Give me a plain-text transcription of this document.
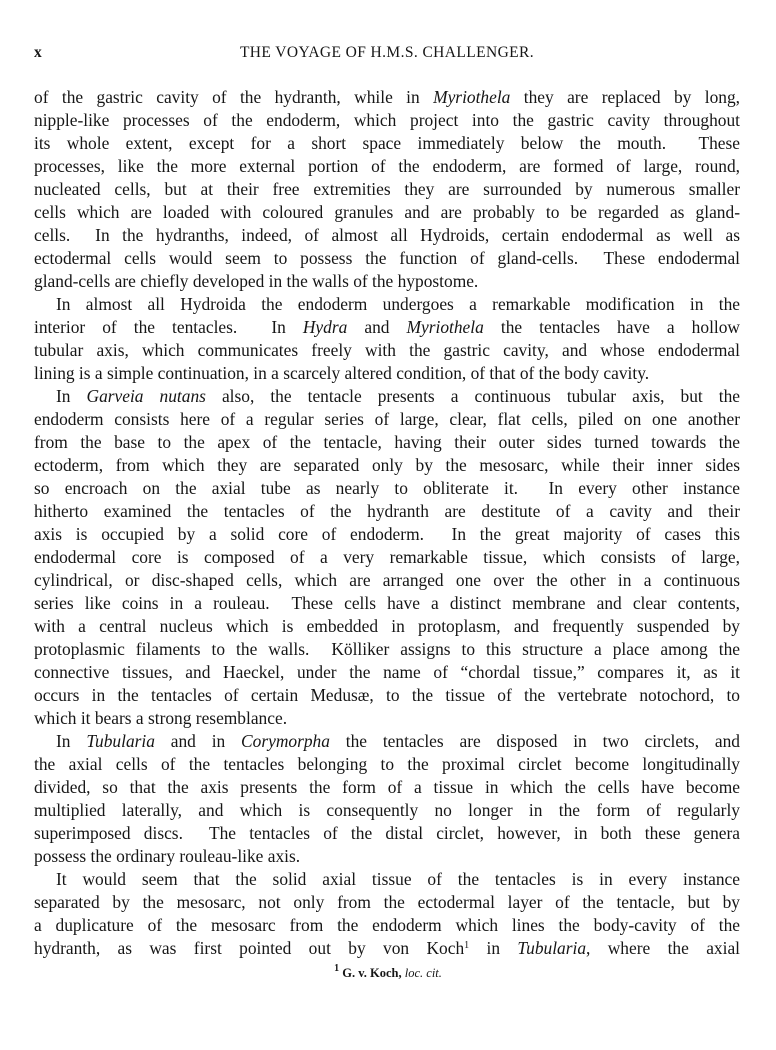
x	THE VOYAGE OF H.M.S. CHALLENGER.
of the gastric cavity of the hydranth, while in Myriothela they are replaced by long,
nipple-like processes of the endoderm, which project into the gastric cavity throughout
its whole extent, except for a short space immediately below the mouth.  These
processes, like the more external portion of the endoderm, are formed of large, round,
nucleated cells, but at their free extremities they are surrounded by numerous smaller
cells which are loaded with coloured granules and are probably to be regarded as gland-
cells.  In the hydranths, indeed, of almost all Hydroids, certain endodermal as well as
ectodermal cells would seem to possess the function of gland-cells.  These endodermal
gland-cells are chiefly developed in the walls of the hypostome.
In almost all Hydroida the endoderm undergoes a remarkable modification in the
interior of the tentacles.  In Hydra and Myriothela the tentacles have a hollow
tubular axis, which communicates freely with the gastric cavity, and whose endodermal
lining is a simple continuation, in a scarcely altered condition, of that of the body cavity.
In Garveia nutans also, the tentacle presents a continuous tubular axis, but the
endoderm consists here of a regular series of large, clear, flat cells, piled on one another
from the base to the apex of the tentacle, having their outer sides turned towards the
ectoderm, from which they are separated only by the mesosarc, while their inner sides
so encroach on the axial tube as nearly to obliterate it.  In every other instance
hitherto examined the tentacles of the hydranth are destitute of a cavity and their
axis is occupied by a solid core of endoderm.  In the great majority of cases this
endodermal core is composed of a very remarkable tissue, which consists of large,
cylindrical, or disc-shaped cells, which are arranged one over the other in a continuous
series like coins in a rouleau.  These cells have a distinct membrane and clear contents,
with a central nucleus which is embedded in protoplasm, and frequently suspended by
protoplasmic filaments to the walls.  Kölliker assigns to this structure a place among the
connective tissues, and Haeckel, under the name of “chordal tissue,” compares it, as it
occurs in the tentacles of certain Medusæ, to the tissue of the vertebrate notochord, to
which it bears a strong resemblance.
In Tubularia and in Corymorpha the tentacles are disposed in two circlets, and
the axial cells of the tentacles belonging to the proximal circlet become longitudinally
divided, so that the axis presents the form of a tissue in which the cells have become
multiplied laterally, and which is consequently no longer in the form of regularly
superimposed discs.  The tentacles of the distal circlet, however, in both these genera
possess the ordinary rouleau-like axis.
It would seem that the solid axial tissue of the tentacles is in every instance
separated by the mesosarc, not only from the ectodermal layer of the tentacle, but by
a duplicature of the mesosarc from the endoderm which lines the body-cavity of the
hydranth, as was first pointed out by von Koch$^1$ in Tubularia, where the axial
$^1$ G. v. Koch, loc. cit.
